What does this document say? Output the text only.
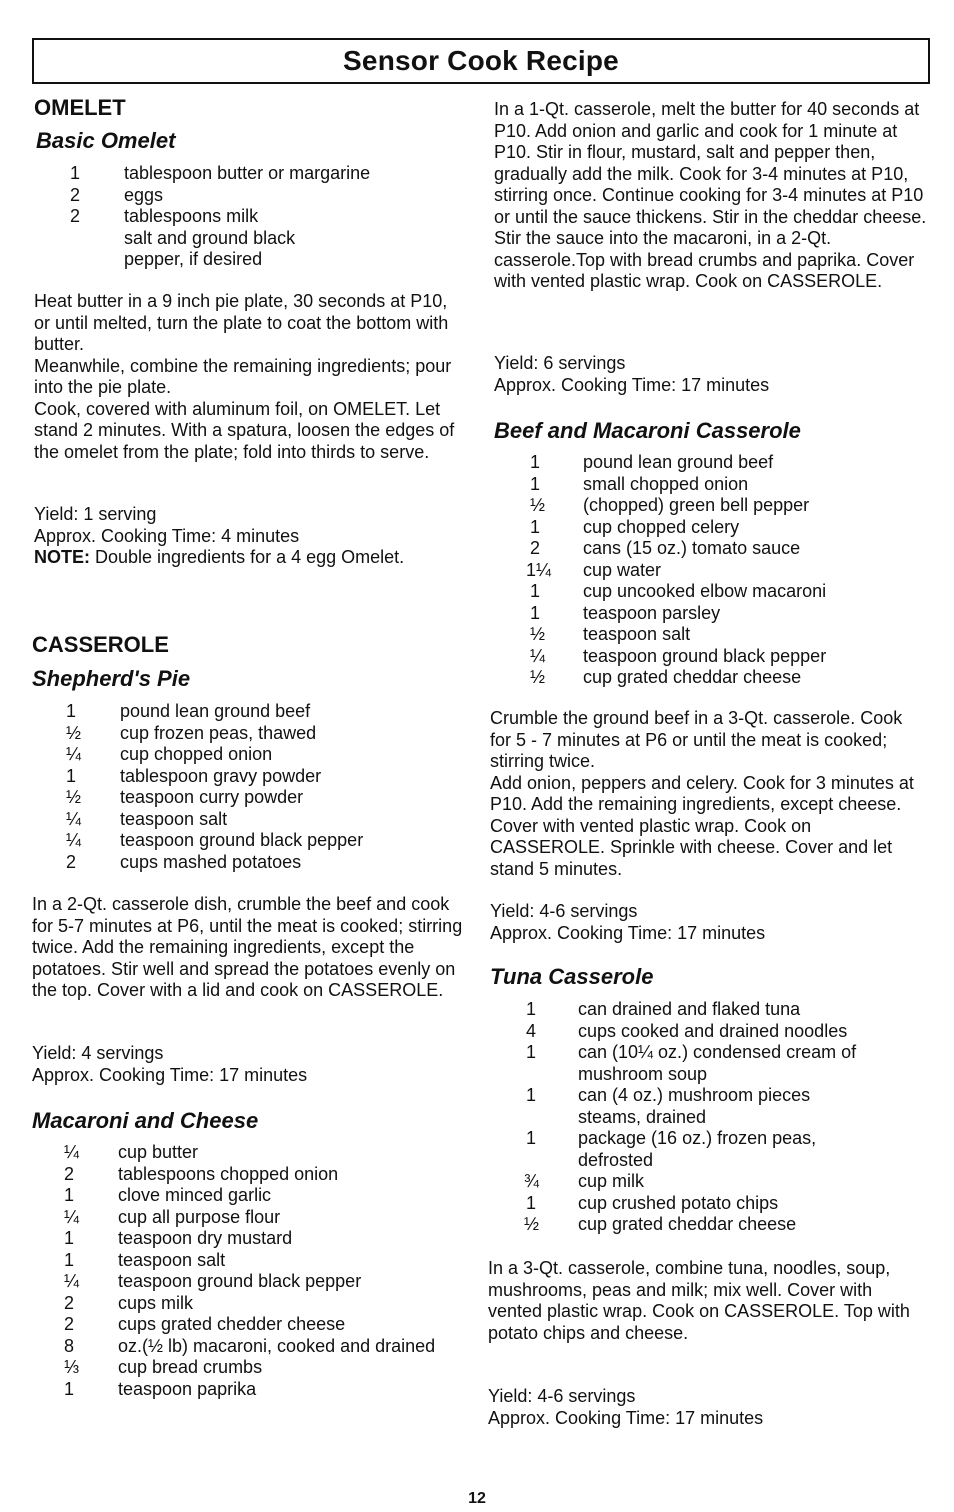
Sensor Cook Recipe
OMELET
Basic Omelet
1	tablespoon butter or margarine
2	eggs
2	tablespoons milk
salt and ground black pepper, if desired
Heat butter in a 9 inch pie plate, 30 seconds at P10, or until melted, turn the plate to coat the bottom with butter.
Meanwhile, combine the remaining ingredients; pour into the pie plate.
Cook, covered with aluminum foil, on OMELET. Let stand 2 minutes. With a spatura, loosen the edges of the omelet from the plate; fold into thirds to serve.
Yield: 1 serving
Approx. Cooking Time: 4 minutes
NOTE: Double ingredients for a 4 egg Omelet.
CASSEROLE
Shepherd's Pie
1	pound lean ground beef
½	cup frozen peas, thawed
¼	cup chopped onion
1	tablespoon gravy powder
½	teaspoon curry powder
¼	teaspoon salt
¼	teaspoon ground black pepper
2	cups mashed potatoes
In a 2-Qt. casserole dish, crumble the beef and cook for 5-7 minutes at P6, until the meat is cooked; stirring twice. Add the remaining ingredients, except the potatoes. Stir well and spread the potatoes evenly on the top. Cover with a lid and cook on CASSEROLE.
Yield: 4 servings
Approx. Cooking Time: 17 minutes
Macaroni and Cheese
¼	cup butter
2	tablespoons chopped onion
1	clove minced garlic
¼	cup all purpose flour
1	teaspoon dry mustard
1	teaspoon salt
¼	teaspoon ground black pepper
2	cups milk
2	cups grated chedder cheese
8	oz.(½ lb) macaroni, cooked and drained
⅓	cup bread crumbs
1	teaspoon paprika
In a 1-Qt. casserole, melt the butter for 40 seconds at P10. Add onion and garlic and cook for 1 minute at P10. Stir in flour, mustard, salt and pepper then, gradually add the milk. Cook for 3-4 minutes at P10, stirring once. Continue cooking for 3-4 minutes at P10 or until the sauce thickens. Stir in the cheddar cheese. Stir the sauce into the macaroni, in a 2-Qt. casserole.Top with bread crumbs and paprika. Cover with vented plastic wrap. Cook on CASSEROLE.
Yield: 6 servings
Approx. Cooking Time: 17 minutes
Beef and Macaroni Casserole
1	pound lean ground beef
1	small chopped onion
½	(chopped) green bell pepper
1	cup chopped celery
2	cans (15 oz.) tomato sauce
1¼	cup water
1	cup uncooked elbow macaroni
1	teaspoon parsley
½	teaspoon salt
¼	teaspoon ground black pepper
½	cup grated cheddar cheese
Crumble the ground beef in a 3-Qt. casserole. Cook for 5 - 7 minutes at P6 or until the meat is cooked; stirring twice.
Add onion, peppers and celery. Cook for 3 minutes at P10. Add the remaining ingredients, except cheese. Cover with vented plastic wrap. Cook on CASSEROLE. Sprinkle with cheese. Cover and let stand 5 minutes.
Yield: 4-6 servings
Approx. Cooking Time: 17 minutes
Tuna Casserole
1	can drained and flaked tuna
4	cups cooked and drained noodles
1	can (10¼ oz.) condensed cream of mushroom soup
1	can (4 oz.) mushroom pieces steams, drained
1	package (16 oz.) frozen peas, defrosted
¾	cup milk
1	cup crushed potato chips
½	cup grated cheddar cheese
In a 3-Qt. casserole, combine tuna, noodles, soup, mushrooms, peas and milk; mix well. Cover with vented plastic wrap. Cook on CASSEROLE. Top with potato chips and cheese.
Yield: 4-6 servings
Approx. Cooking Time: 17 minutes
12
